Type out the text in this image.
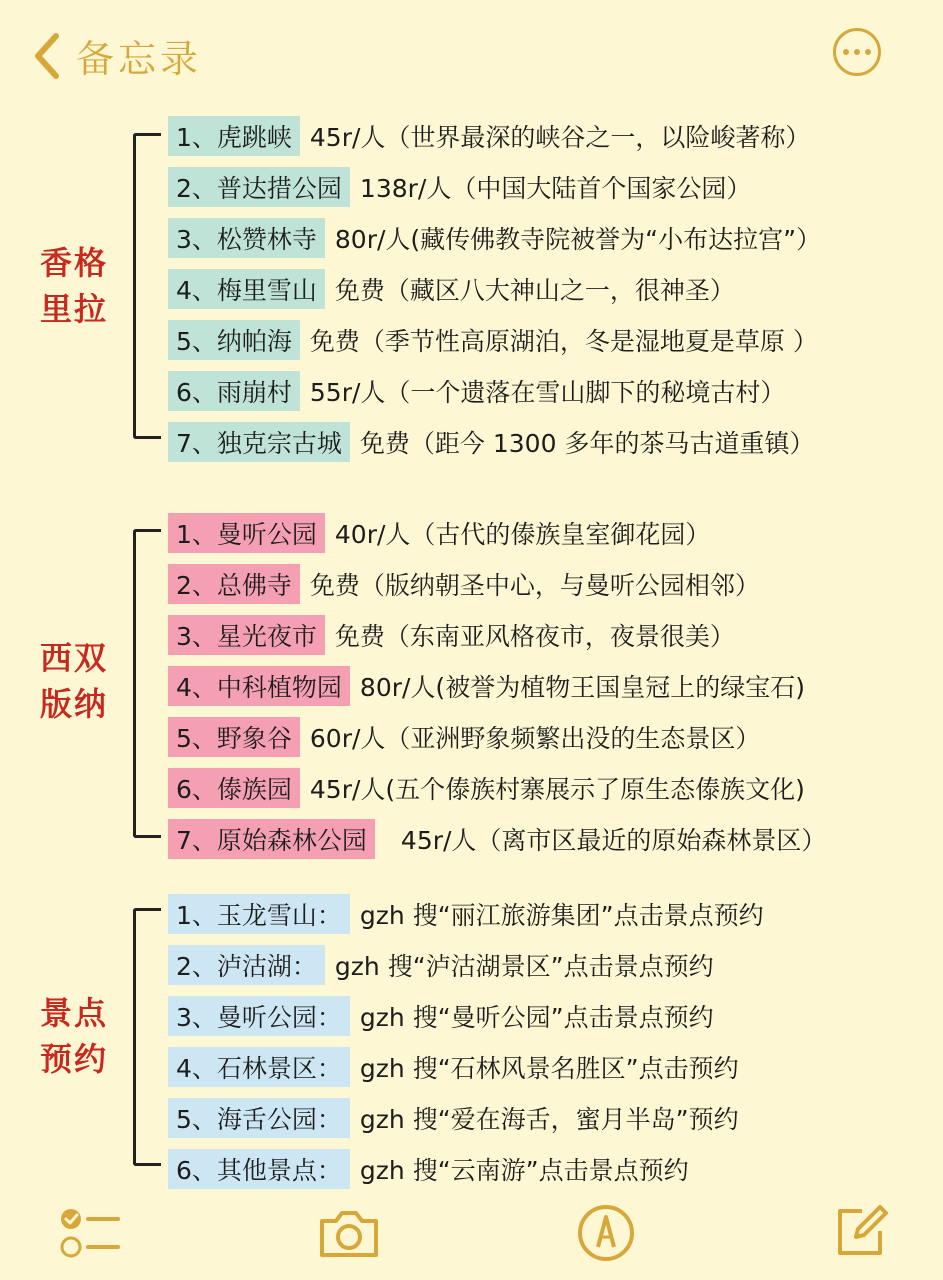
备忘录
香格里拉
1、虎跳峡 45r/人（世界最深的峡谷之一，以险峻著称）
2、普达措公园 138r/人（中国大陆首个国家公园）
3、松赞林寺 80r/人(藏传佛教寺院被誉为“小布达拉宫”）
4、梅里雪山 免费（藏区八大神山之一，很神圣）
5、纳帕海 免费（季节性高原湖泊，冬是湿地夏是草原 ）
6、雨崩村 55r/人（一个遗落在雪山脚下的秘境古村）
7、独克宗古城 免费（距今 1300 多年的茶马古道重镇）
西双版纳
1、曼听公园 40r/人（古代的傣族皇室御花园）
2、总佛寺 免费（版纳朝圣中心，与曼听公园相邻）
3、星光夜市 免费（东南亚风格夜市，夜景很美）
4、中科植物园 80r/人(被誉为植物王国皇冠上的绿宝石)
5、野象谷 60r/人（亚洲野象频繁出没的生态景区）
6、傣族园 45r/人(五个傣族村寨展示了原生态傣族文化)
7、原始森林公园	45r/人（离市区最近的原始森林景区）
景点预约
1、玉龙雪山： gzh 搜“丽江旅游集团”点击景点预约
2、泸沽湖： gzh 搜“泸沽湖景区”点击景点预约
3、曼听公园： gzh 搜“曼听公园”点击景点预约
4、石林景区： gzh 搜“石林风景名胜区”点击预约
5、海舌公园： gzh 搜“爱在海舌，蜜月半岛”预约
6、其他景点： gzh 搜“云南游”点击景点预约
